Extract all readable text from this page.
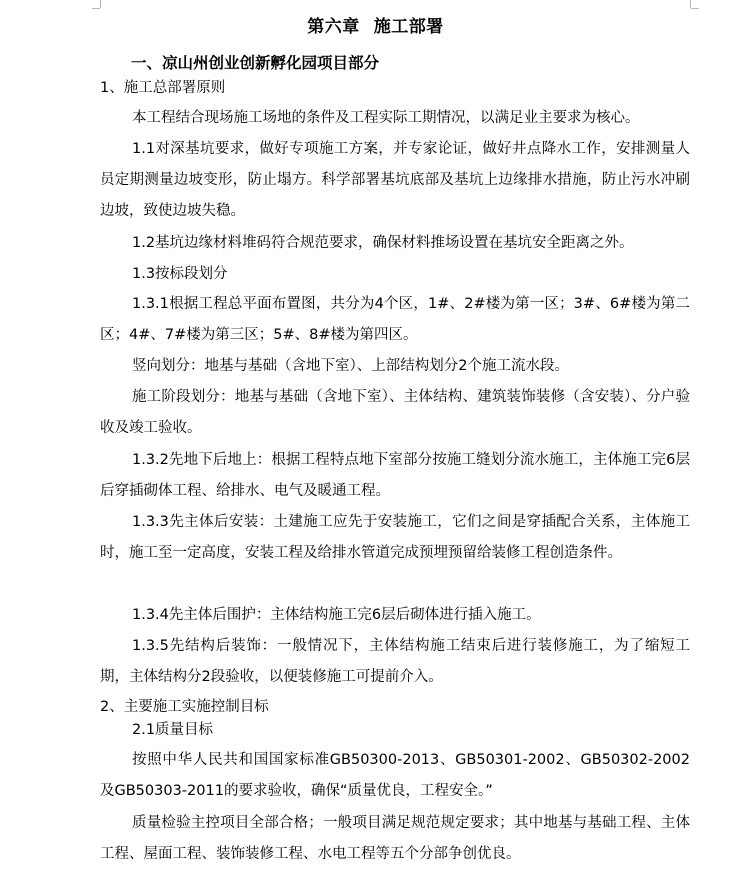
第六章 施工部署
一、凉山州创业创新孵化园项目部分
1、施工总部署原则
本工程结合现场施工场地的条件及工程实际工期情况，以满足业主要求为核心。
1.1对深基坑要求，做好专项施工方案，并专家论证，做好井点降水工作，安排测量人员定期测量边坡变形，防止塌方。科学部署基坑底部及基坑上边缘排水措施，防止污水冲刷边坡，致使边坡失稳。
1.2基坑边缘材料堆码符合规范要求，确保材料推场设置在基坑安全距离之外。
1.3按标段划分
1.3.1根据工程总平面布置图，共分为4个区，1#、2#楼为第一区；3#、6#楼为第二区；4#、7#楼为第三区；5#、8#楼为第四区。
竖向划分：地基与基础（含地下室）、上部结构划分2个施工流水段。
施工阶段划分：地基与基础（含地下室）、主体结构、建筑装饰装修（含安装）、分户验收及竣工验收。
1.3.2先地下后地上：根据工程特点地下室部分按施工缝划分流水施工，主体施工完6层后穿插砌体工程、给排水、电气及暖通工程。
1.3.3先主体后安装：土建施工应先于安装施工，它们之间是穿插配合关系，主体施工时，施工至一定高度，安装工程及给排水管道完成预埋预留给装修工程创造条件。
1.3.4先主体后围护：主体结构施工完6层后砌体进行插入施工。
1.3.5先结构后装饰：一般情况下，主体结构施工结束后进行装修施工，为了缩短工期，主体结构分2段验收，以便装修施工可提前介入。
2、主要施工实施控制目标
2.1质量目标
按照中华人民共和国国家标准GB50300-2013、GB50301-2002、GB50302-2002及GB50303-2011的要求验收，确保“质量优良，工程安全。”
质量检验主控项目全部合格；一般项目满足规范规定要求；其中地基与基础工程、主体工程、屋面工程、装饰装修工程、水电工程等五个分部争创优良。
